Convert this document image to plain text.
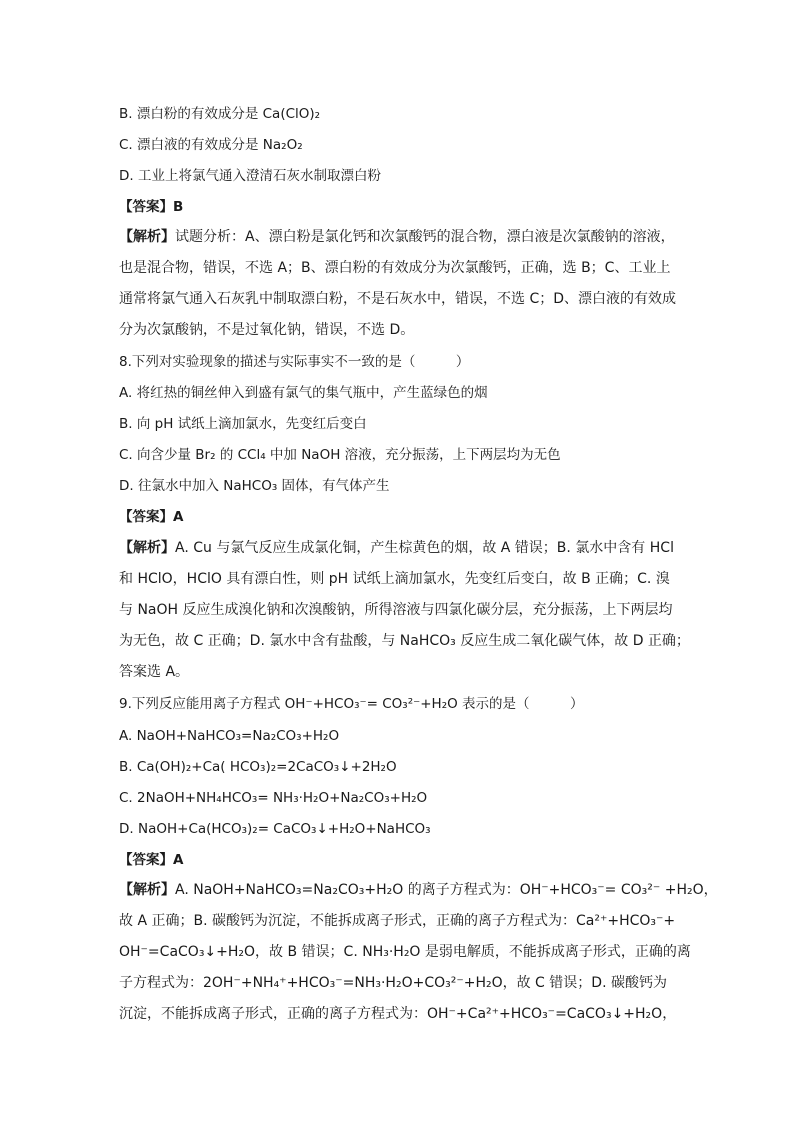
B. 漂白粉的有效成分是 Ca(ClO)₂
C. 漂白液的有效成分是 Na₂O₂
D. 工业上将氯气通入澄清石灰水制取漂白粉
【答案】B
【解析】试题分析：A、漂白粉是氯化钙和次氯酸钙的混合物，漂白液是次氯酸钠的溶液，
也是混合物，错误，不选 A；B、漂白粉的有效成分为次氯酸钙，正确，选 B；C、工业上
通常将氯气通入石灰乳中制取漂白粉，不是石灰水中，错误，不选 C；D、漂白液的有效成
分为次氯酸钠，不是过氧化钠，错误，不选 D。
8.下列对实验现象的描述与实际事实不一致的是（　　　）
A. 将红热的铜丝伸入到盛有氯气的集气瓶中，产生蓝绿色的烟
B. 向 pH 试纸上滴加氯水，先变红后变白
C. 向含少量 Br₂ 的 CCl₄ 中加 NaOH 溶液，充分振荡，上下两层均为无色
D. 往氯水中加入 NaHCO₃ 固体，有气体产生
【答案】A
【解析】A. Cu 与氯气反应生成氯化铜，产生棕黄色的烟，故 A 错误；B. 氯水中含有 HCl
和 HClO，HClO 具有漂白性，则 pH 试纸上滴加氯水，先变红后变白，故 B 正确；C. 溴
与 NaOH 反应生成溴化钠和次溴酸钠，所得溶液与四氯化碳分层，充分振荡，上下两层均
为无色，故 C 正确；D. 氯水中含有盐酸，与 NaHCO₃ 反应生成二氧化碳气体，故 D 正确；
答案选 A。
9.下列反应能用离子方程式 OH⁻+HCO₃⁻= CO₃²⁻+H₂O 表示的是（　　　）
A. NaOH+NaHCO₃=Na₂CO₃+H₂O
B. Ca(OH)₂+Ca( HCO₃)₂=2CaCO₃↓+2H₂O
C. 2NaOH+NH₄HCO₃= NH₃·H₂O+Na₂CO₃+H₂O
D. NaOH+Ca(HCO₃)₂= CaCO₃↓+H₂O+NaHCO₃
【答案】A
【解析】A. NaOH+NaHCO₃=Na₂CO₃+H₂O 的离子方程式为：OH⁻+HCO₃⁻= CO₃²⁻ +H₂O，
故 A 正确；B. 碳酸钙为沉淀，不能拆成离子形式，正确的离子方程式为：Ca²⁺+HCO₃⁻+
OH⁻=CaCO₃↓+H₂O，故 B 错误；C. NH₃·H₂O 是弱电解质，不能拆成离子形式，正确的离
子方程式为：2OH⁻+NH₄⁺+HCO₃⁻=NH₃·H₂O+CO₃²⁻+H₂O，故 C 错误；D. 碳酸钙为
沉淀，不能拆成离子形式，正确的离子方程式为：OH⁻+Ca²⁺+HCO₃⁻=CaCO₃↓+H₂O，
